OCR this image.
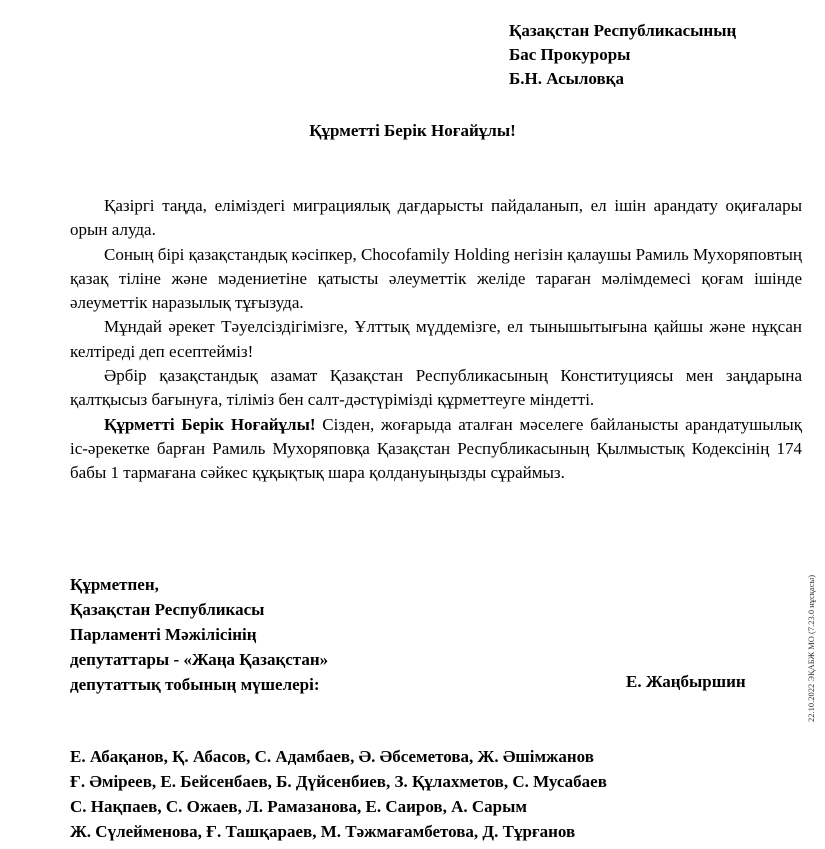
Қазақстан Республикасының
Бас Прокуроры
Б.Н. Асыловқа
Құрметті Берік Ноғайұлы!

  Қазіргі таңда, еліміздегі миграциялық дағдарысты пайдаланып, ел ішін арандату оқиғалары орын алуда.

  Соның бірі қазақстандық кәсіпкер, Chocofamily Holding негізін қалаушы Рамиль Мухоряповтың қазақ тіліне және мәдениетіне қатысты әлеуметтік желіде тараған мәлімдемесі қоғам ішінде әлеуметтік наразылық тұғызуда.

  Мұндай әрекет Тәуелсіздігімізге, Ұлттық мүддемізге, ел тынышытығына қайшы және нұқсан келтіреді деп есептейміз!

  Әрбір қазақстандық азамат Қазақстан Республикасының Конституциясы мен заңдарына қалтқысыз бағынуға, тіліміз бен салт-дәстүрімізді құрметтеуге міндетті.

  Құрметті Берік Ноғайұлы! Сізден, жоғарыда аталған мәселеге байланысты арандатушылық іс-әрекетке барған Рамиль Мухоряповқа Қазақстан Республикасының Қылмыстық Кодексінің 174 бабы 1 тармағана сәйкес құқықтық шара қолдануыңызды сұраймыз.

Құрметпен,
Қазақстан Республикасы
Парламенті Мәжілісінің
депутаттары - «Жаңа Қазақстан»
депутаттық тобының мүшелері:	Е. Жаңбыршин
Е. Абақанов, Қ. Абасов, С. Адамбаев, Ә. Әбсеметова, Ж. Әшімжанов
Ғ. Әміреев, Е. Бейсенбаев, Б. Дүйсенбиев, З. Құлахметов, С. Мусабаев
С. Нақпаев, С. Ожаев, Л. Рамазанова, Е. Саиров, А. Сарым
Ж. Сүлейменова, Ғ. Ташқараев, М. Тәжмағамбетова, Д. Тұрғанов
22.10.2022 ЭҚАБЖ МО (7.23.0 нұсқасы)
